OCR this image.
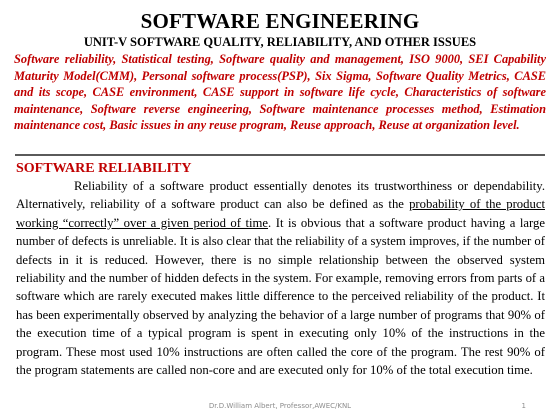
SOFTWARE ENGINEERING
UNIT-V SOFTWARE QUALITY, RELIABILITY, AND OTHER ISSUES
Software reliability, Statistical testing, Software quality and management, ISO 9000, SEI Capability Maturity Model(CMM), Personal software process(PSP), Six Sigma, Software Quality Metrics, CASE and its scope, CASE environment, CASE support in software life cycle, Characteristics of software maintenance, Software reverse engineering, Software maintenance processes method, Estimation maintenance cost, Basic issues in any reuse program, Reuse approach, Reuse at organization level.
SOFTWARE RELIABILITY
Reliability of a software product essentially denotes its trustworthiness or dependability. Alternatively, reliability of a software product can also be defined as the probability of the product working “correctly” over a given period of time. It is obvious that a software product having a large number of defects is unreliable. It is also clear that the reliability of a system improves, if the number of defects in it is reduced. However, there is no simple relationship between the observed system reliability and the number of hidden defects in the system. For example, removing errors from parts of a software which are rarely executed makes little difference to the perceived reliability of the product. It has been experimentally observed by analyzing the behavior of a large number of programs that 90% of the execution time of a typical program is spent in executing only 10% of the instructions in the program. These most used 10% instructions are often called the core of the program. The rest 90% of the program statements are called non-core and are executed only for 10% of the total execution time.
Dr.D.William Albert, Professor,AWEC/KNL	1
